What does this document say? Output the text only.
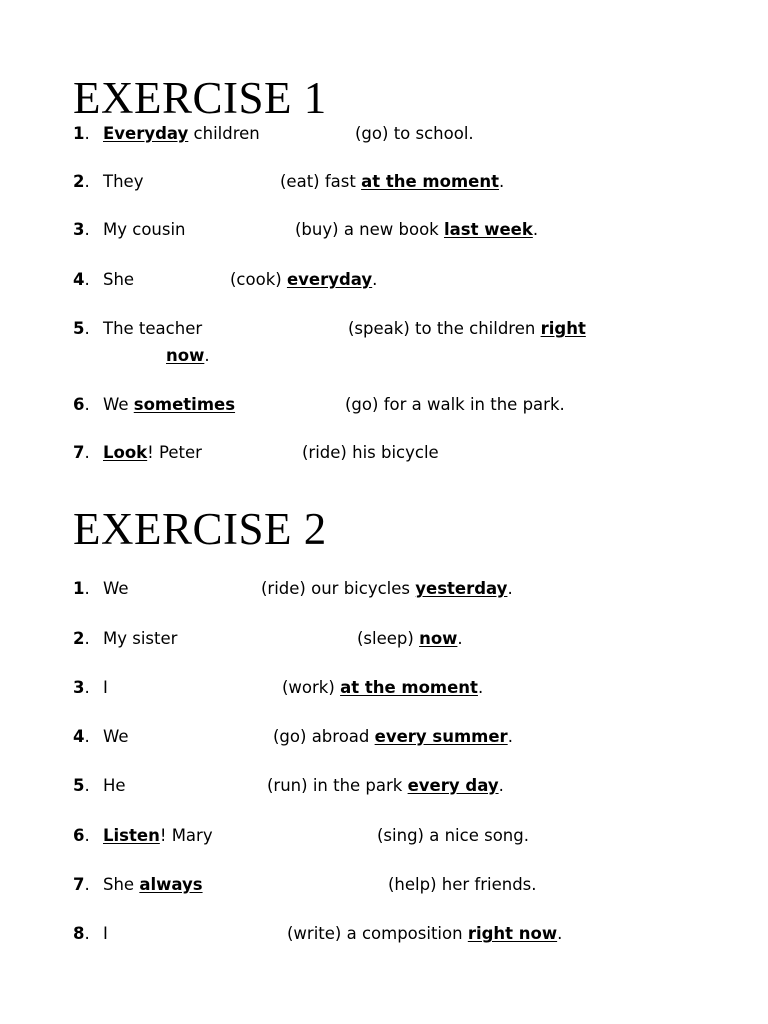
EXERCISE 1
1. Everyday children	(go) to school.
2. They	(eat) fast at the moment.
3. My cousin	(buy) a new book last week.
4. She	(cook) everyday.
5. The teacher	(speak) to the children right
now.
6. We sometimes	(go) for a walk in the park.
7. Look! Peter	(ride) his bicycle
EXERCISE 2
1. We	(ride) our bicycles yesterday.
2. My sister	(sleep) now.
3. I	(work) at the moment.
4. We	(go) abroad every summer.
5. He	(run) in the park every day.
6. Listen! Mary	(sing) a nice song.
7. She always	(help) her friends.
8. I	(write) a composition right now.
